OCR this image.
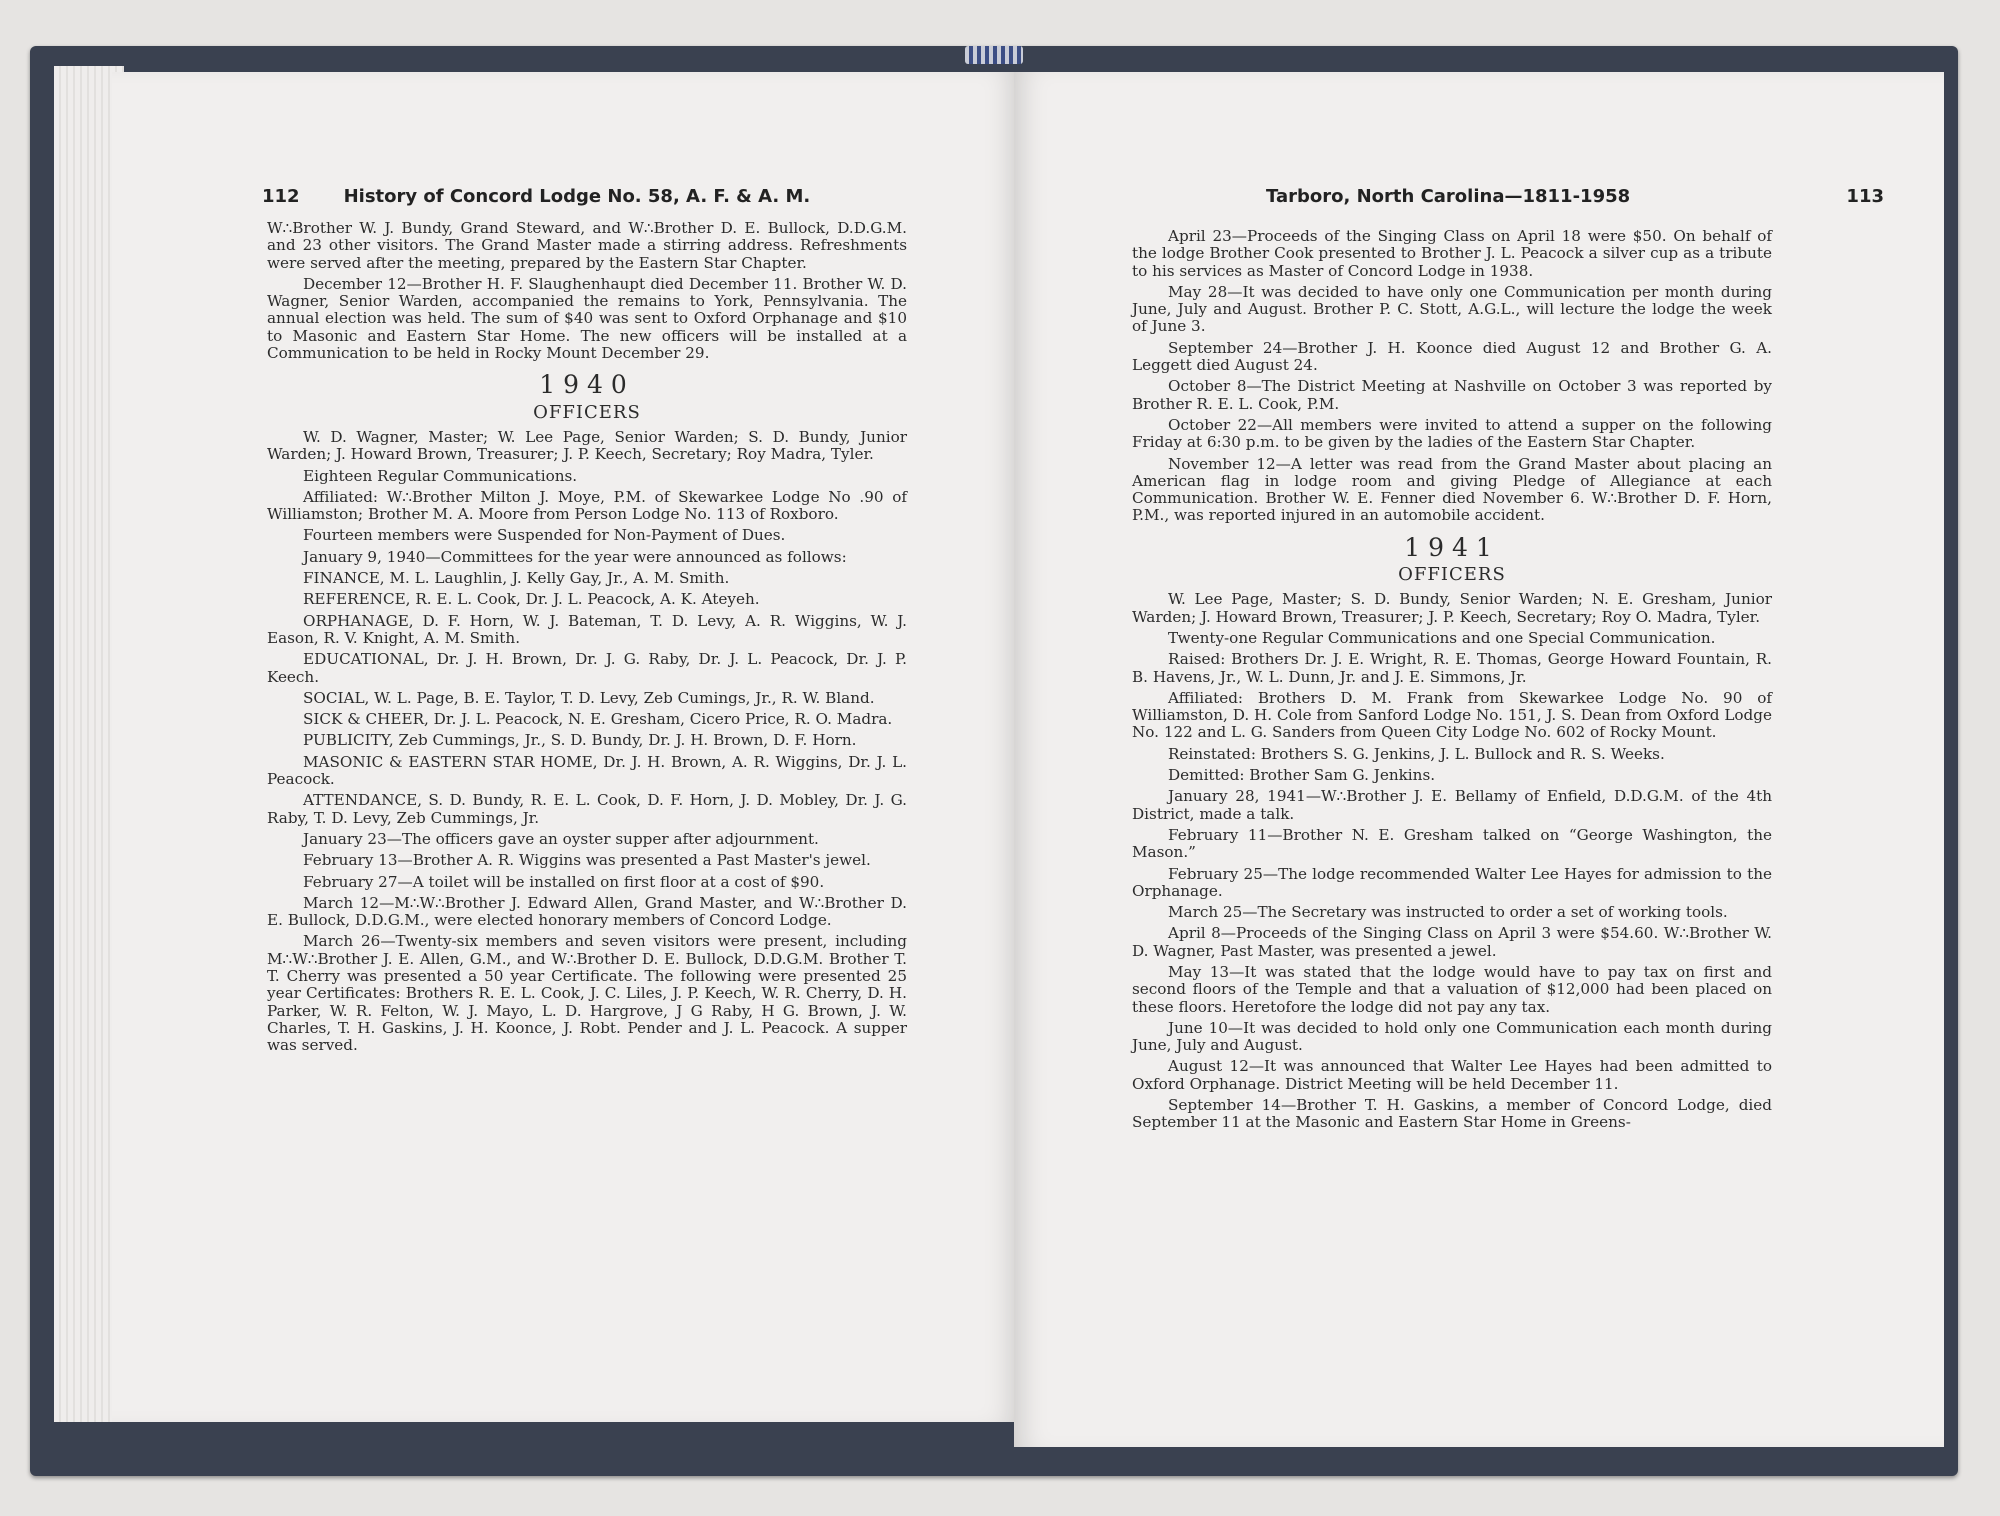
112 History of Concord Lodge No. 58, A. F. & A. M.

W∴Brother W. J. Bundy, Grand Steward, and W∴Brother D. E. Bullock, D.D.G.M. and 23 other visitors. The Grand Master made a stirring address. Refreshments were served after the meeting, prepared by the Eastern Star Chapter.

December 12—Brother H. F. Slaughenhaupt died December 11. Brother W. D. Wagner, Senior Warden, accompanied the remains to York, Pennsylvania. The annual election was held. The sum of $40 was sent to Oxford Orphanage and $10 to Masonic and Eastern Star Home. The new officers will be installed at a Communication to be held in Rocky Mount December 29.

1940
OFFICERS

W. D. Wagner, Master; W. Lee Page, Senior Warden; S. D. Bundy, Junior Warden; J. Howard Brown, Treasurer; J. P. Keech, Secretary; Roy Madra, Tyler.

Eighteen Regular Communications.

Affiliated: W∴Brother Milton J. Moye, P.M. of Skewarkee Lodge No .90 of Williamston; Brother M. A. Moore from Person Lodge No. 113 of Roxboro.

Fourteen members were Suspended for Non-Payment of Dues.

January 9, 1940—Committees for the year were announced as follows:

FINANCE, M. L. Laughlin, J. Kelly Gay, Jr., A. M. Smith.

REFERENCE, R. E. L. Cook, Dr. J. L. Peacock, A. K. Ateyeh.

ORPHANAGE, D. F. Horn, W. J. Bateman, T. D. Levy, A. R. Wiggins, W. J. Eason, R. V. Knight, A. M. Smith.

EDUCATIONAL, Dr. J. H. Brown, Dr. J. G. Raby, Dr. J. L. Peacock, Dr. J. P. Keech.

SOCIAL, W. L. Page, B. E. Taylor, T. D. Levy, Zeb Cumings, Jr., R. W. Bland.

SICK & CHEER, Dr. J. L. Peacock, N. E. Gresham, Cicero Price, R. O. Madra.

PUBLICITY, Zeb Cummings, Jr., S. D. Bundy, Dr. J. H. Brown, D. F. Horn.

MASONIC & EASTERN STAR HOME, Dr. J. H. Brown, A. R. Wiggins, Dr. J. L. Peacock.

ATTENDANCE, S. D. Bundy, R. E. L. Cook, D. F. Horn, J. D. Mobley, Dr. J. G. Raby, T. D. Levy, Zeb Cummings, Jr.

January 23—The officers gave an oyster supper after adjournment.

February 13—Brother A. R. Wiggins was presented a Past Master's jewel.

February 27—A toilet will be installed on first floor at a cost of $90.

March 12—M∴W∴Brother J. Edward Allen, Grand Master, and W∴Brother D. E. Bullock, D.D.G.M., were elected honorary members of Concord Lodge.

March 26—Twenty-six members and seven visitors were present, including M∴W∴Brother J. E. Allen, G.M., and W∴Brother D. E. Bullock, D.D.G.M. Brother T. T. Cherry was presented a 50 year Certificate. The following were presented 25 year Certificates: Brothers R. E. L. Cook, J. C. Liles, J. P. Keech, W. R. Cherry, D. H. Parker, W. R. Felton, W. J. Mayo, L. D. Hargrove, J G Raby, H G. Brown, J. W. Charles, T. H. Gaskins, J. H. Koonce, J. Robt. Pender and J. L. Peacock. A supper was served.

Tarboro, North Carolina—1811-1958	113

April 23—Proceeds of the Singing Class on April 18 were $50. On behalf of the lodge Brother Cook presented to Brother J. L. Peacock a silver cup as a tribute to his services as Master of Concord Lodge in 1938.

May 28—It was decided to have only one Communication per month during June, July and August. Brother P. C. Stott, A.G.L., will lecture the lodge the week of June 3.

September 24—Brother J. H. Koonce died August 12 and Brother G. A. Leggett died August 24.

October 8—The District Meeting at Nashville on October 3 was reported by Brother R. E. L. Cook, P.M.

October 22—All members were invited to attend a supper on the following Friday at 6:30 p.m. to be given by the ladies of the Eastern Star Chapter.

November 12—A letter was read from the Grand Master about placing an American flag in lodge room and giving Pledge of Allegiance at each Communication. Brother W. E. Fenner died November 6. W∴Brother D. F. Horn, P.M., was reported injured in an automobile accident.

1941
OFFICERS

W. Lee Page, Master; S. D. Bundy, Senior Warden; N. E. Gresham, Junior Warden; J. Howard Brown, Treasurer; J. P. Keech, Secretary; Roy O. Madra, Tyler.

Twenty-one Regular Communications and one Special Communication.

Raised: Brothers Dr. J. E. Wright, R. E. Thomas, George Howard Fountain, R. B. Havens, Jr., W. L. Dunn, Jr. and J. E. Simmons, Jr.

Affiliated: Brothers D. M. Frank from Skewarkee Lodge No. 90 of Williamston, D. H. Cole from Sanford Lodge No. 151, J. S. Dean from Oxford Lodge No. 122 and L. G. Sanders from Queen City Lodge No. 602 of Rocky Mount.

Reinstated: Brothers S. G. Jenkins, J. L. Bullock and R. S. Weeks.

Demitted: Brother Sam G. Jenkins.

January 28, 1941—W∴Brother J. E. Bellamy of Enfield, D.D.G.M. of the 4th District, made a talk.

February 11—Brother N. E. Gresham talked on “George Washington, the Mason.”

February 25—The lodge recommended Walter Lee Hayes for admission to the Orphanage.

March 25—The Secretary was instructed to order a set of working tools.

April 8—Proceeds of the Singing Class on April 3 were $54.60. W∴Brother W. D. Wagner, Past Master, was presented a jewel.

May 13—It was stated that the lodge would have to pay tax on first and second floors of the Temple and that a valuation of $12,000 had been placed on these floors. Heretofore the lodge did not pay any tax.

June 10—It was decided to hold only one Communication each month during June, July and August.

August 12—It was announced that Walter Lee Hayes had been admitted to Oxford Orphanage. District Meeting will be held December 11.

September 14—Brother T. H. Gaskins, a member of Concord Lodge, died September 11 at the Masonic and Eastern Star Home in Greens-
